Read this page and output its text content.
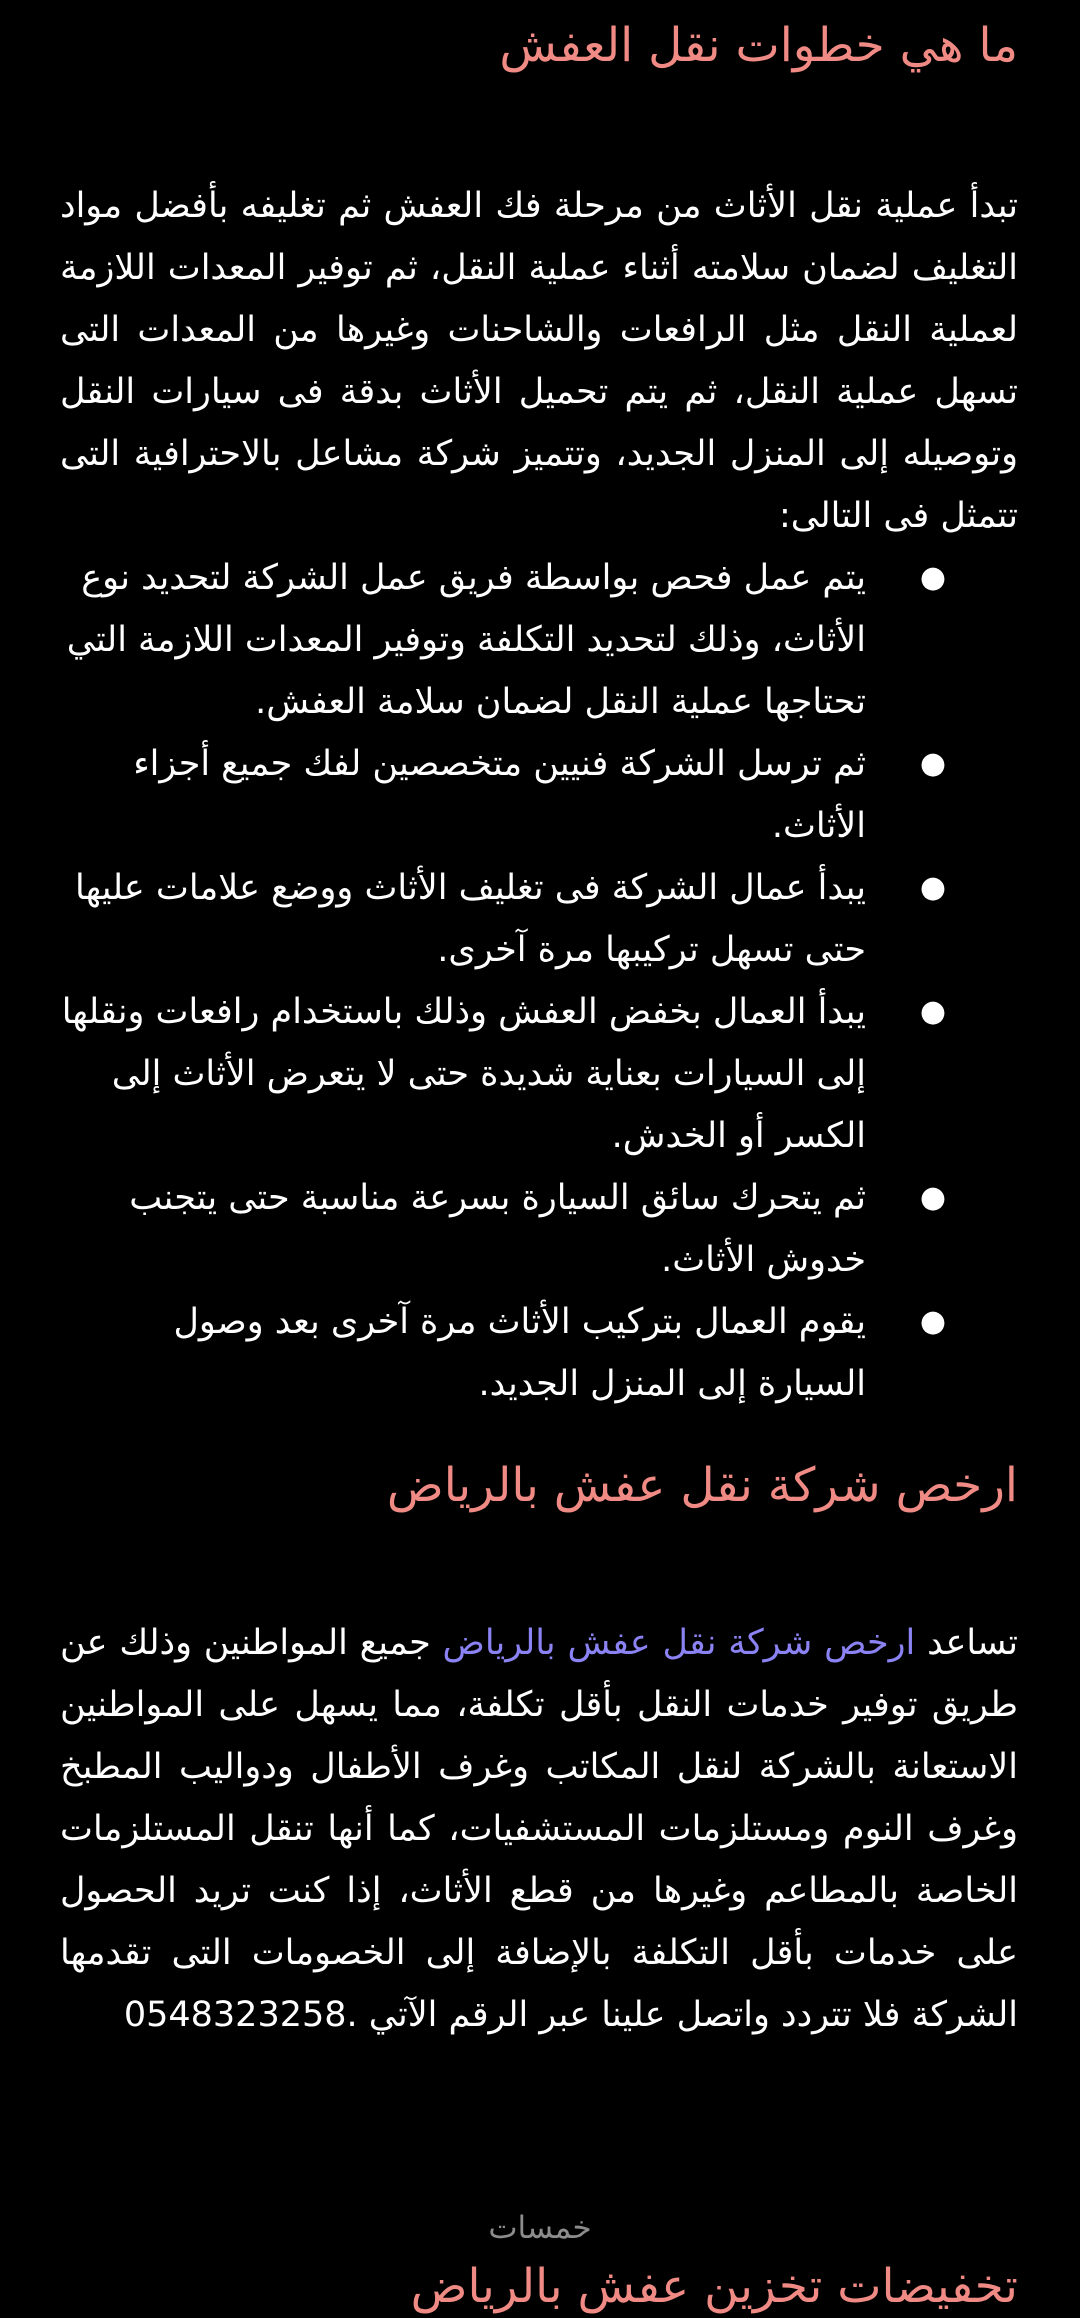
ما هي خطوات نقل العفش

تبدأ عملية نقل الأثاث من مرحلة فك العفش ثم تغليفه بأفضل مواد التغليف لضمان سلامته أثناء عملية النقل، ثم توفير المعدات اللازمة لعملية النقل مثل الرافعات والشاحنات وغيرها من المعدات التى تسهل عملية النقل، ثم يتم تحميل الأثاث بدقة فى سيارات النقل وتوصيله إلى المنزل الجديد، وتتميز شركة مشاعل بالاحترافية التى تتمثل فى التالى:

●
يتم عمل فحص بواسطة فريق عمل الشركة لتحديد نوع الأثاث، وذلك لتحديد التكلفة وتوفير المعدات اللازمة التي تحتاجها عملية النقل لضمان سلامة العفش.
●
ثم ترسل الشركة فنيين متخصصين لفك جميع أجزاء الأثاث.
●
يبدأ عمال الشركة فى تغليف الأثاث ووضع علامات عليها حتى تسهل تركيبها مرة آخرى.
●
يبدأ العمال بخفض العفش وذلك باستخدام رافعات ونقلها إلى السيارات بعناية شديدة حتى لا يتعرض الأثاث إلى الكسر أو الخدش.
●
ثم يتحرك سائق السيارة بسرعة مناسبة حتى يتجنب خدوش الأثاث.
●
يقوم العمال بتركيب الأثاث مرة آخرى بعد وصول السيارة إلى المنزل الجديد.
ارخص شركة نقل عفش بالرياض

تساعد ارخص شركة نقل عفش بالرياض جميع المواطنين وذلك عن طريق توفير خدمات النقل بأقل تكلفة، مما يسهل على المواطنين الاستعانة بالشركة لنقل المكاتب وغرف الأطفال ودواليب المطبخ وغرف النوم ومستلزمات المستشفيات، كما أنها تنقل المستلزمات الخاصة بالمطاعم وغيرها من قطع الأثاث، إذا كنت تريد الحصول على خدمات بأقل التكلفة بالإضافة إلى الخصومات التى تقدمها الشركة فلا تتردد واتصل علينا عبر الرقم الآتي 0548323258.

خمسات
تخفيضات تخزين عفش بالرياض
